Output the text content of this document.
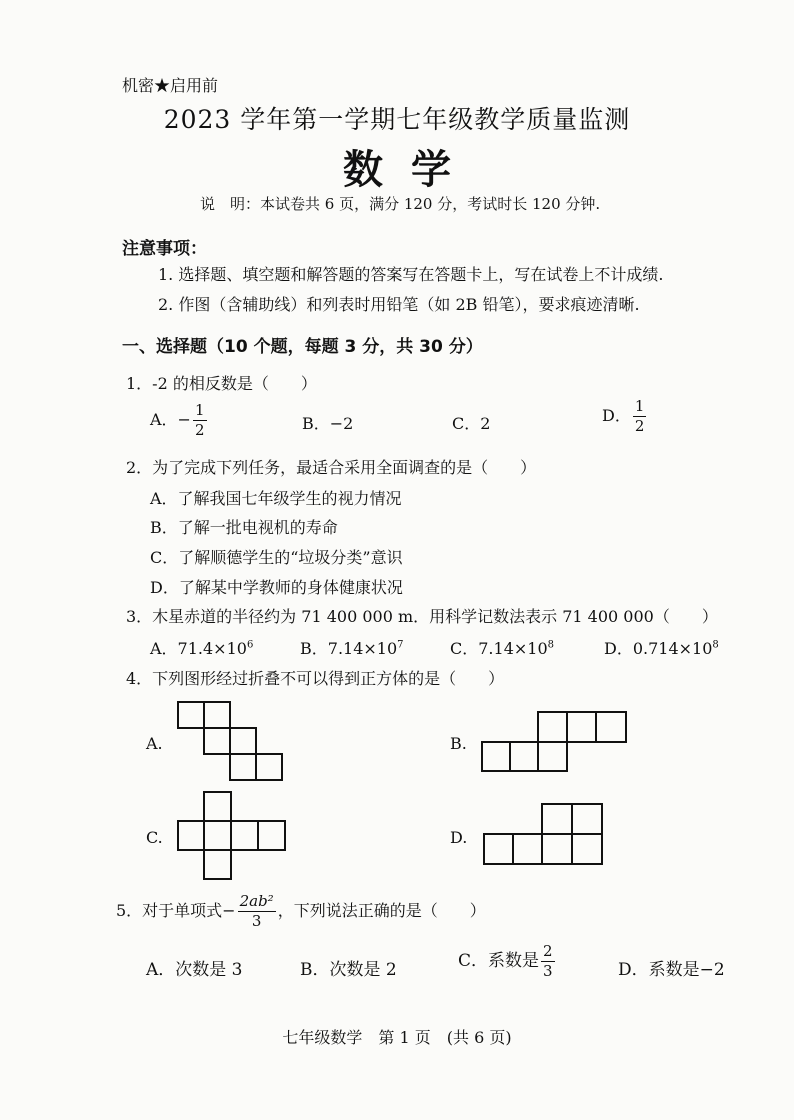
机密★启用前
2023 学年第一学期七年级教学质量监测
数学
说　明：本试卷共 6 页，满分 120 分，考试时长 120 分钟.
注意事项：
1. 选择题、填空题和解答题的答案写在答题卡上，写在试卷上不计成绩.
2. 作图（含辅助线）和列表时用铅笔（如 2B 铅笔），要求痕迹清晰.
一、选择题（10 个题，每题 3 分，共 30 分）
1．-2 的相反数是（　　）
A．− $\frac{1}{2}$	B．−2	C．2	D． $\frac{1}{2}$
2．为了完成下列任务，最适合采用全面调查的是（　　）
A．了解我国七年级学生的视力情况
B．了解一批电视机的寿命
C．了解顺德学生的“垃圾分类”意识
D．了解某中学教师的身体健康状况
3．木星赤道的半径约为 71 400 000 m．用科学记数法表示 71 400 000（　　）
A．$71.4\times 10^6$	B．$7.14\times 10^7$	C．$7.14\times 10^8$	D．$0.714\times 10^8$
4．下列图形经过折叠不可以得到正方体的是（　　）
A.	B.
C.	D.
5．对于单项式− $\frac{\text{2ab²}}{3}$ ，下列说法正确的是（　　）
A．次数是 3	B．次数是 2	C．系数是 $\frac{2}{3}$	D．系数是−2
七年级数学　第 1 页　(共 6 页)
